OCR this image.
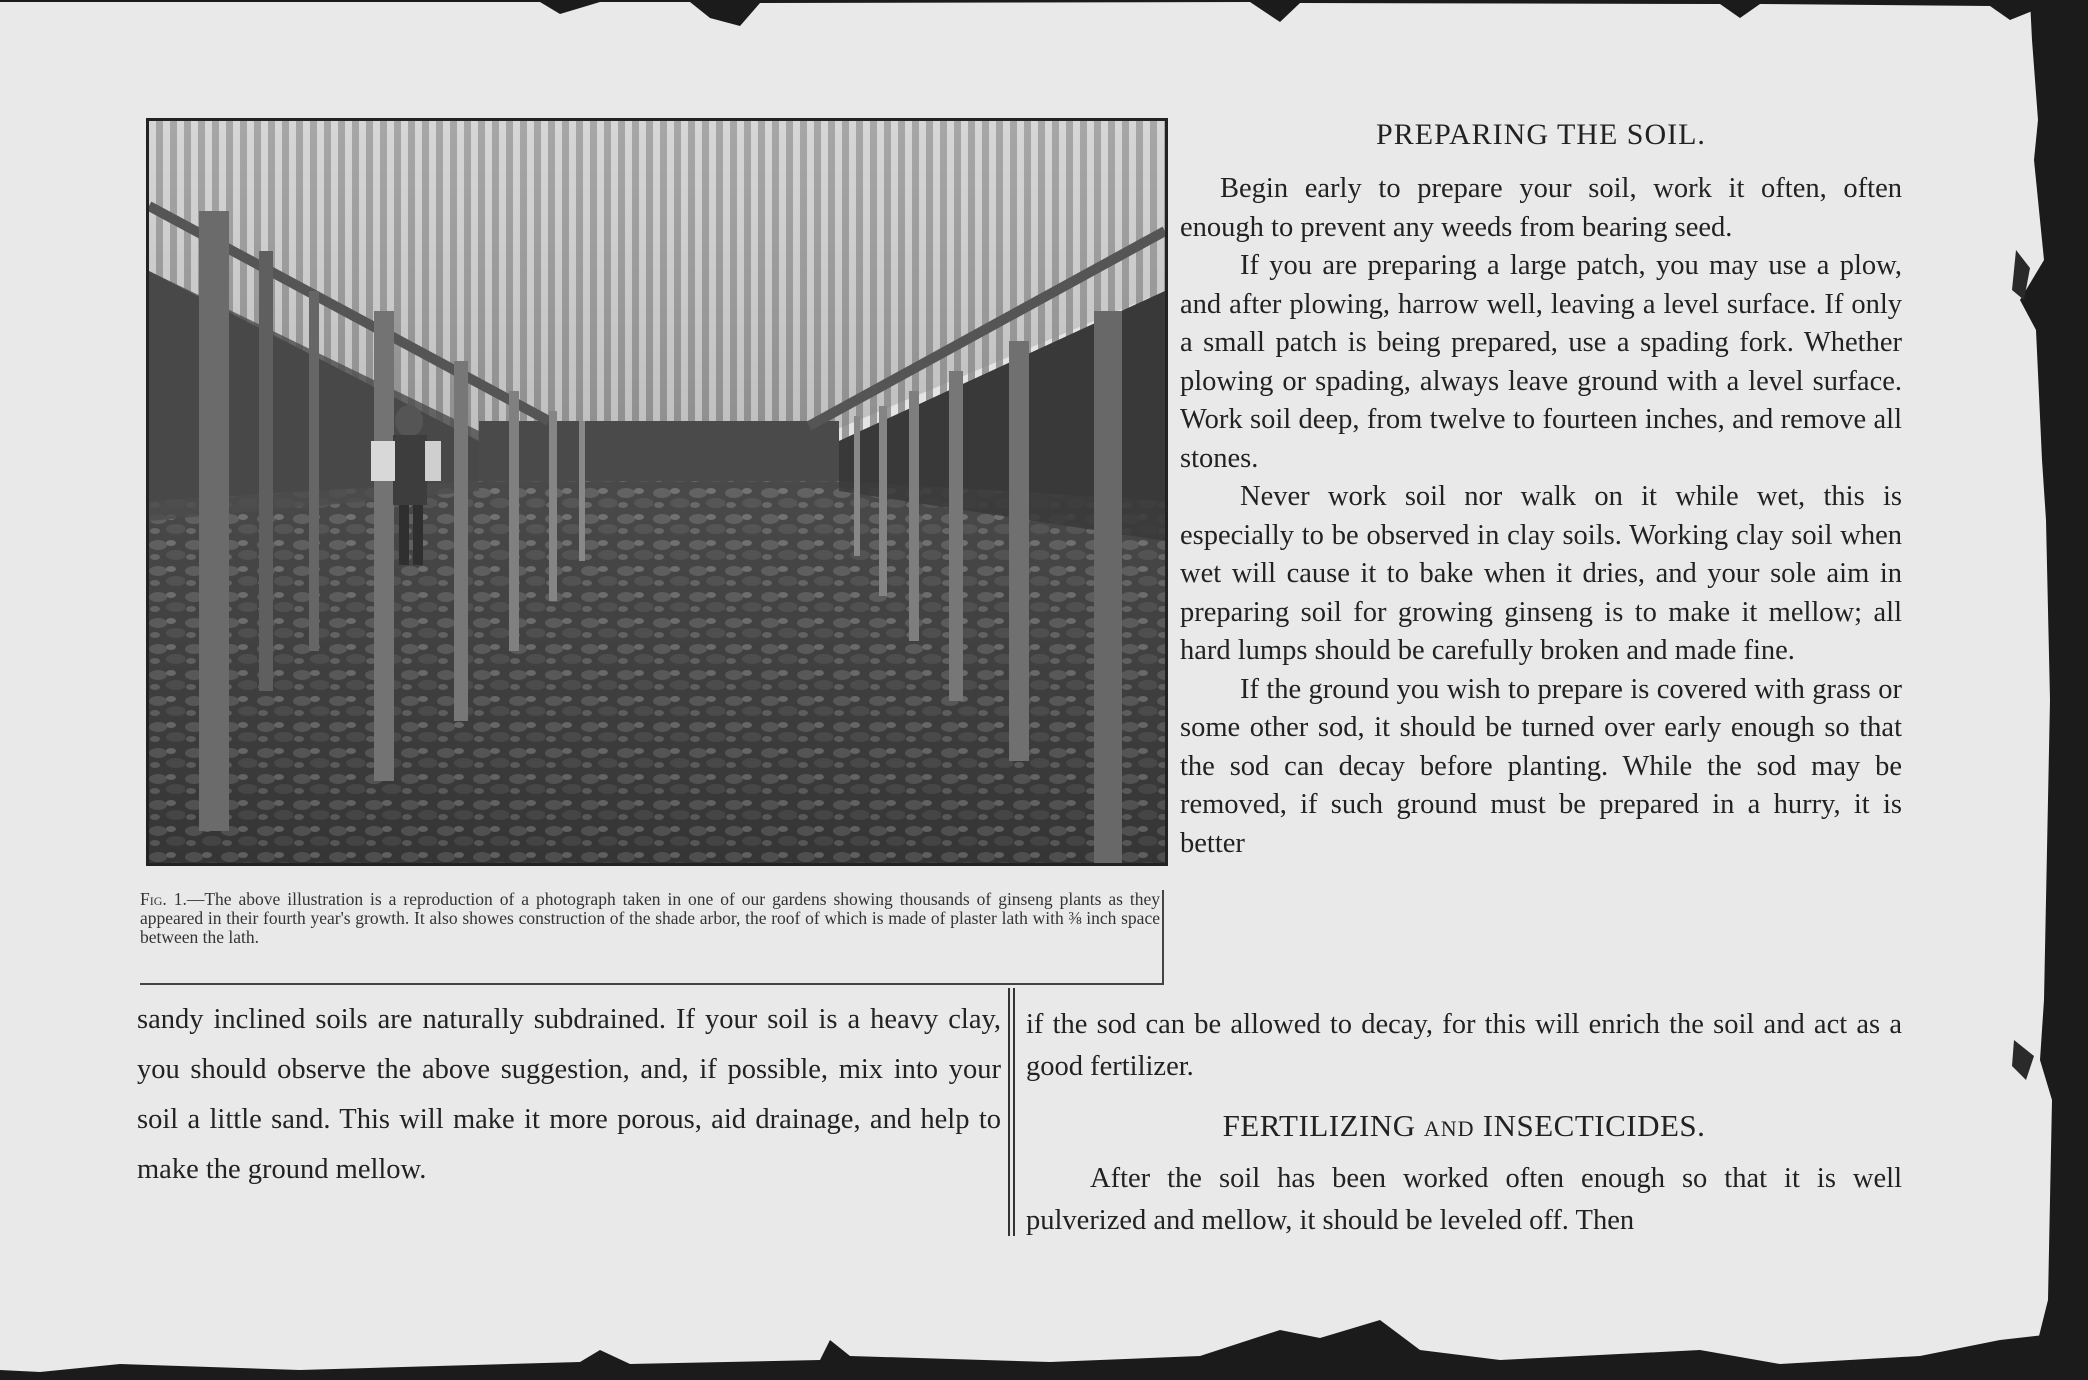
Fig. 1.—The above illustration is a reproduction of a photograph taken in one of our gardens showing thousands of ginseng plants as they appeared in their fourth year's growth. It also showes construction of the shade arbor, the roof of which is made of plaster lath with ⅜ inch space between the lath.
PREPARING THE SOIL.

Begin early to prepare your soil, work it often, often enough to prevent any weeds from bearing seed.

If you are preparing a large patch, you may use a plow, and after plowing, harrow well, leaving a level surface. If only a small patch is being prepared, use a spading fork. Whether plowing or spading, always leave ground with a level surface. Work soil deep, from twelve to fourteen inches, and remove all stones.

Never work soil nor walk on it while wet, this is especially to be observed in clay soils. Working clay soil when wet will cause it to bake when it dries, and your sole aim in preparing soil for growing ginseng is to make it mellow; all hard lumps should be carefully broken and made fine.

If the ground you wish to prepare is covered with grass or some other sod, it should be turned over early enough so that the sod can decay before planting. While the sod may be removed, if such ground must be prepared in a hurry, it is better

sandy inclined soils are naturally subdrained. If your soil is a heavy clay, you should observe the above suggestion, and, if possible, mix into your soil a little sand. This will make it more porous, aid drainage, and help to make the ground mellow.

if the sod can be allowed to decay, for this will enrich the soil and act as a good fertilizer.

FERTILIZING AND INSECTICIDES.

After the soil has been worked often enough so that it is well pulverized and mellow, it should be leveled off. Then
